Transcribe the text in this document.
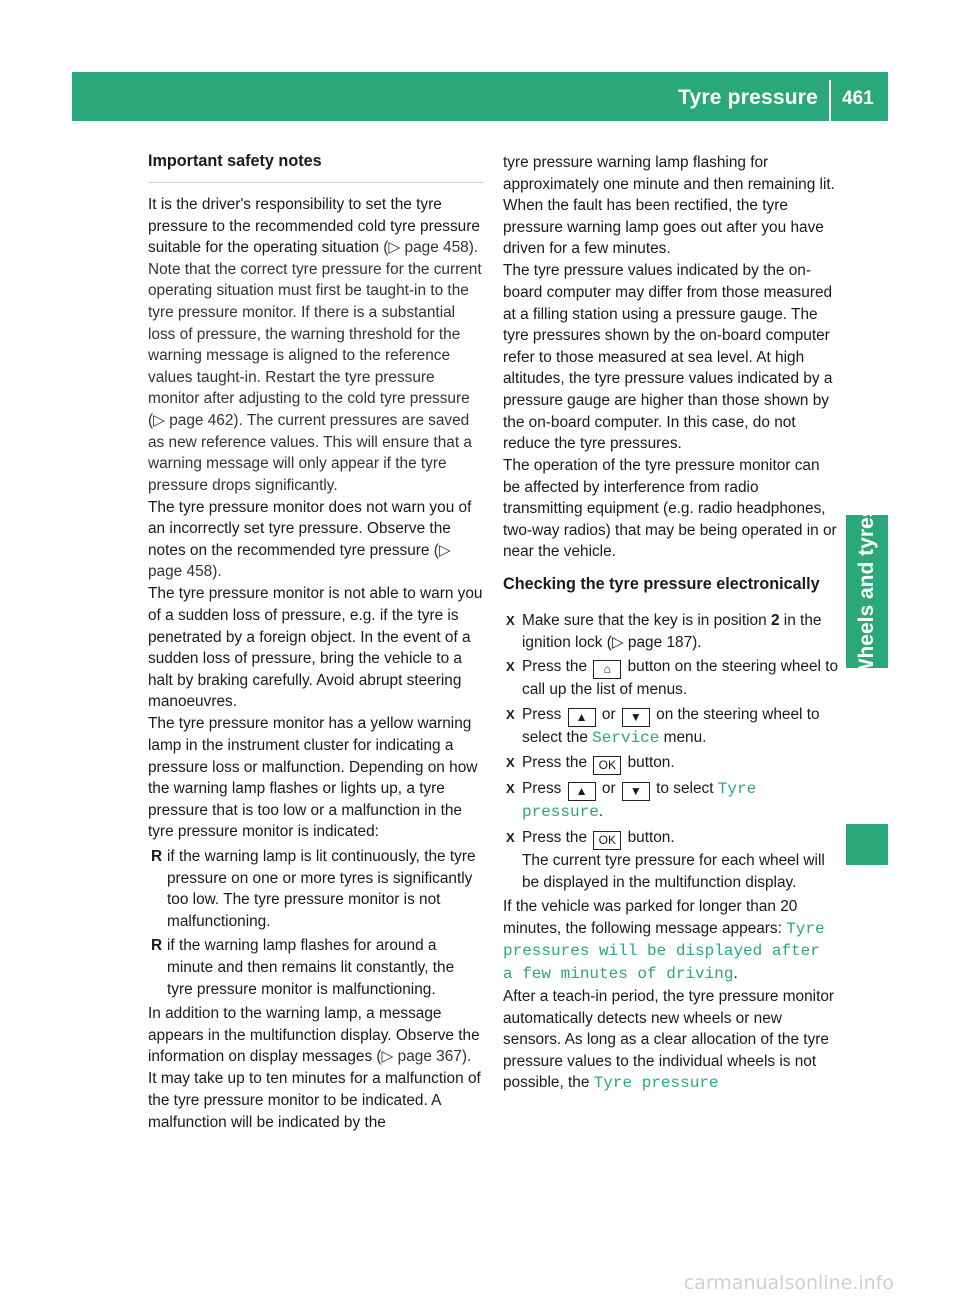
Tyre pressure 461
Wheels and tyres
Important safety notes

It is the driver's responsibility to set the tyre pressure to the recommended cold tyre pressure suitable for the operating situation (▷ page 458). Note that the correct tyre pressure for the current operating situation must first be taught-in to the tyre pressure monitor. If there is a substantial loss of pressure, the warning threshold for the warning message is aligned to the reference values taught-in. Restart the tyre pressure monitor after adjusting to the cold tyre pressure (▷ page 462). The current pressures are saved as new reference values. This will ensure that a warning message will only appear if the tyre pressure drops significantly.

The tyre pressure monitor does not warn you of an incorrectly set tyre pressure. Observe the notes on the recommended tyre pressure (▷ page 458).

The tyre pressure monitor is not able to warn you of a sudden loss of pressure, e.g. if the tyre is penetrated by a foreign object. In the event of a sudden loss of pressure, bring the vehicle to a halt by braking carefully. Avoid abrupt steering manoeuvres.

The tyre pressure monitor has a yellow warning lamp in the instrument cluster for indicating a pressure loss or malfunction. Depending on how the warning lamp flashes or lights up, a tyre pressure that is too low or a malfunction in the tyre pressure monitor is indicated:

R if the warning lamp is lit continuously, the tyre pressure on one or more tyres is significantly too low. The tyre pressure monitor is not malfunctioning.
R if the warning lamp flashes for around a minute and then remains lit constantly, the tyre pressure monitor is malfunctioning.

In addition to the warning lamp, a message appears in the multifunction display. Observe the information on display messages (▷ page 367).

It may take up to ten minutes for a malfunction of the tyre pressure monitor to be indicated. A malfunction will be indicated by the

tyre pressure warning lamp flashing for approximately one minute and then remaining lit. When the fault has been rectified, the tyre pressure warning lamp goes out after you have driven for a few minutes.

The tyre pressure values indicated by the on-board computer may differ from those measured at a filling station using a pressure gauge. The tyre pressures shown by the on-board computer refer to those measured at sea level. At high altitudes, the tyre pressure values indicated by a pressure gauge are higher than those shown by the on-board computer. In this case, do not reduce the tyre pressures.

The operation of the tyre pressure monitor can be affected by interference from radio transmitting equipment (e.g. radio headphones, two-way radios) that may be being operated in or near the vehicle.

Checking the tyre pressure electronically
X Make sure that the key is in position 2 in the ignition lock (▷ page 187).
X Press the ⌂ button on the steering wheel to call up the list of menus.
X Press ▲ or ▼ on the steering wheel to select the Service menu.
X Press the OK button.
X Press ▲ or ▼ to select Tyre pressure.
X Press the OK button.
The current tyre pressure for each wheel will be displayed in the multifunction display.

If the vehicle was parked for longer than 20 minutes, the following message appears: Tyre pressures will be displayed after a few minutes of driving.

After a teach-in period, the tyre pressure monitor automatically detects new wheels or new sensors. As long as a clear allocation of the tyre pressure values to the individual wheels is not possible, the Tyre pressure

carmanualsonline.info
